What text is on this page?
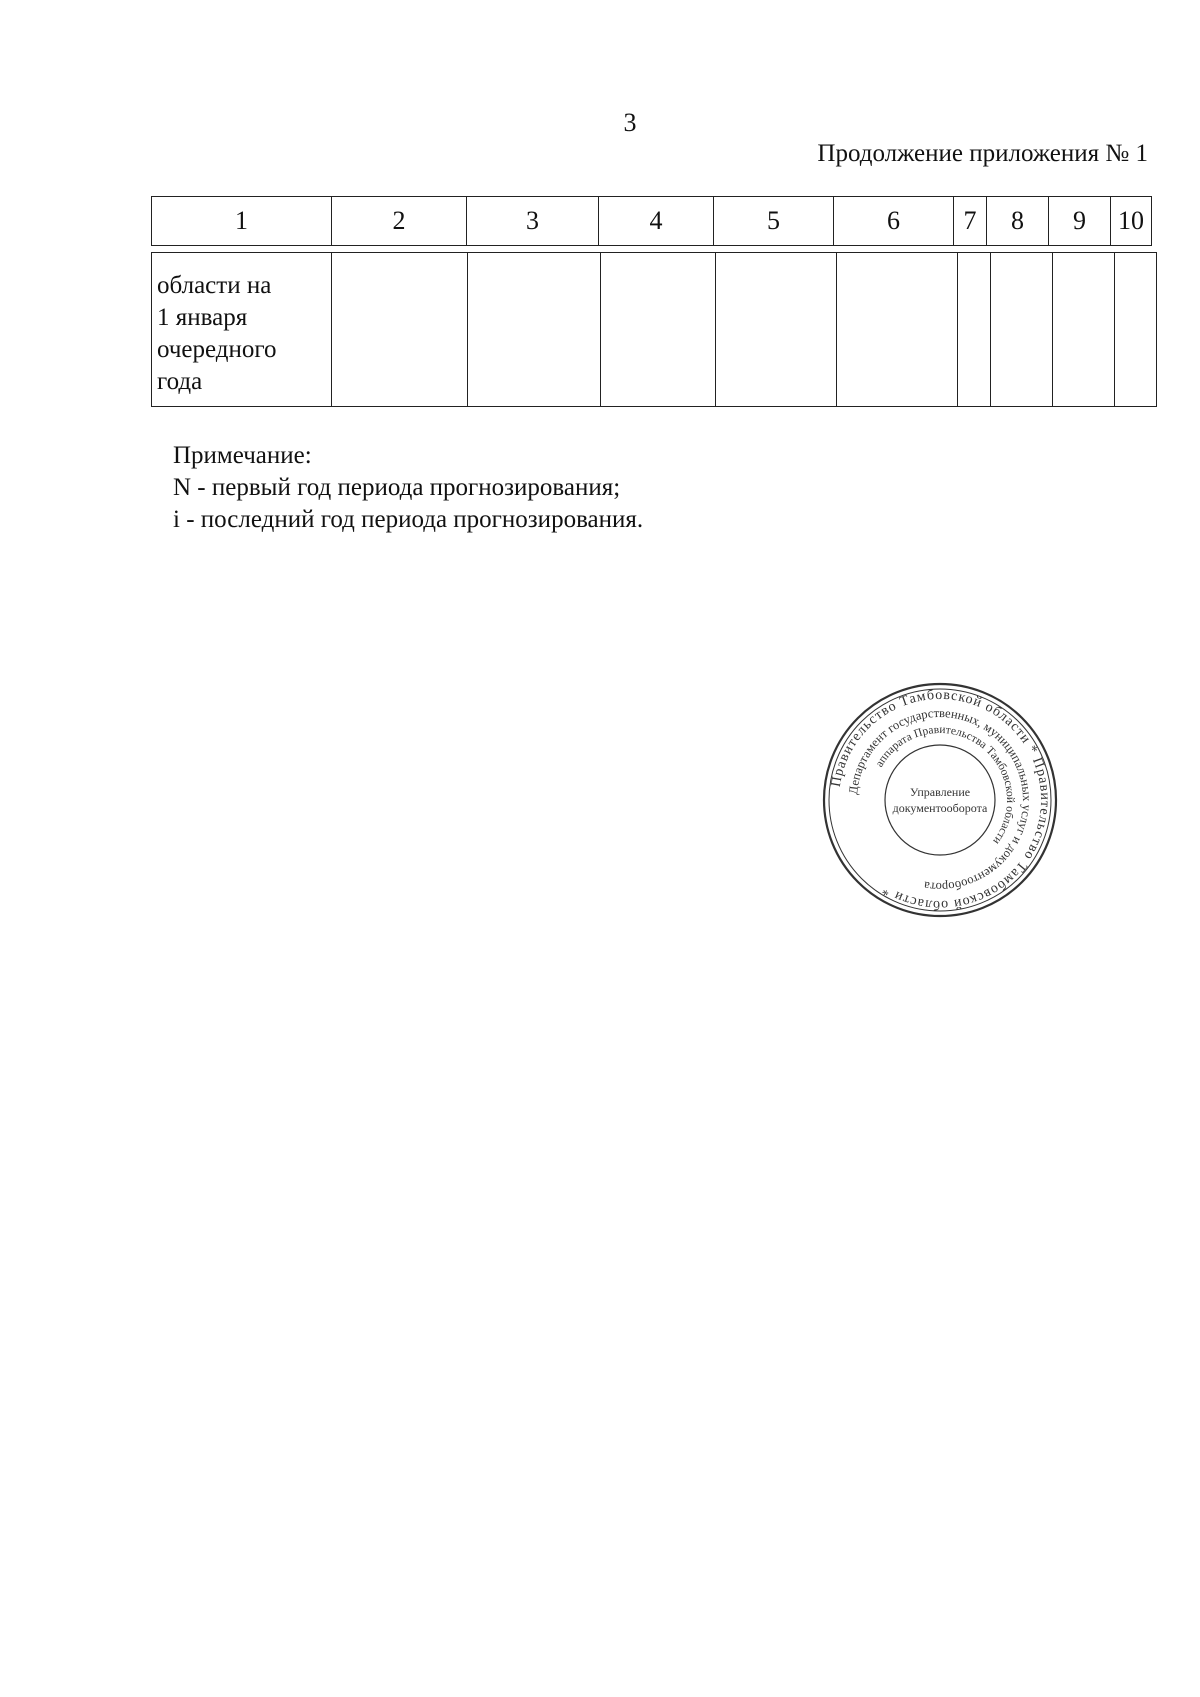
3
Продолжение приложения № 1
1	2	3	4	5	6	7	8	9	10
области на
1 января
очередного
года

Примечание:
N - первый год периода прогнозирования;
i - последний год периода прогнозирования.
Правительство Тамбовской области * Правительство Тамбовской области *
Департамент государственных, муниципальных услуг и документооборота
аппарата Правительства Тамбовской области
Управление
документооборота
